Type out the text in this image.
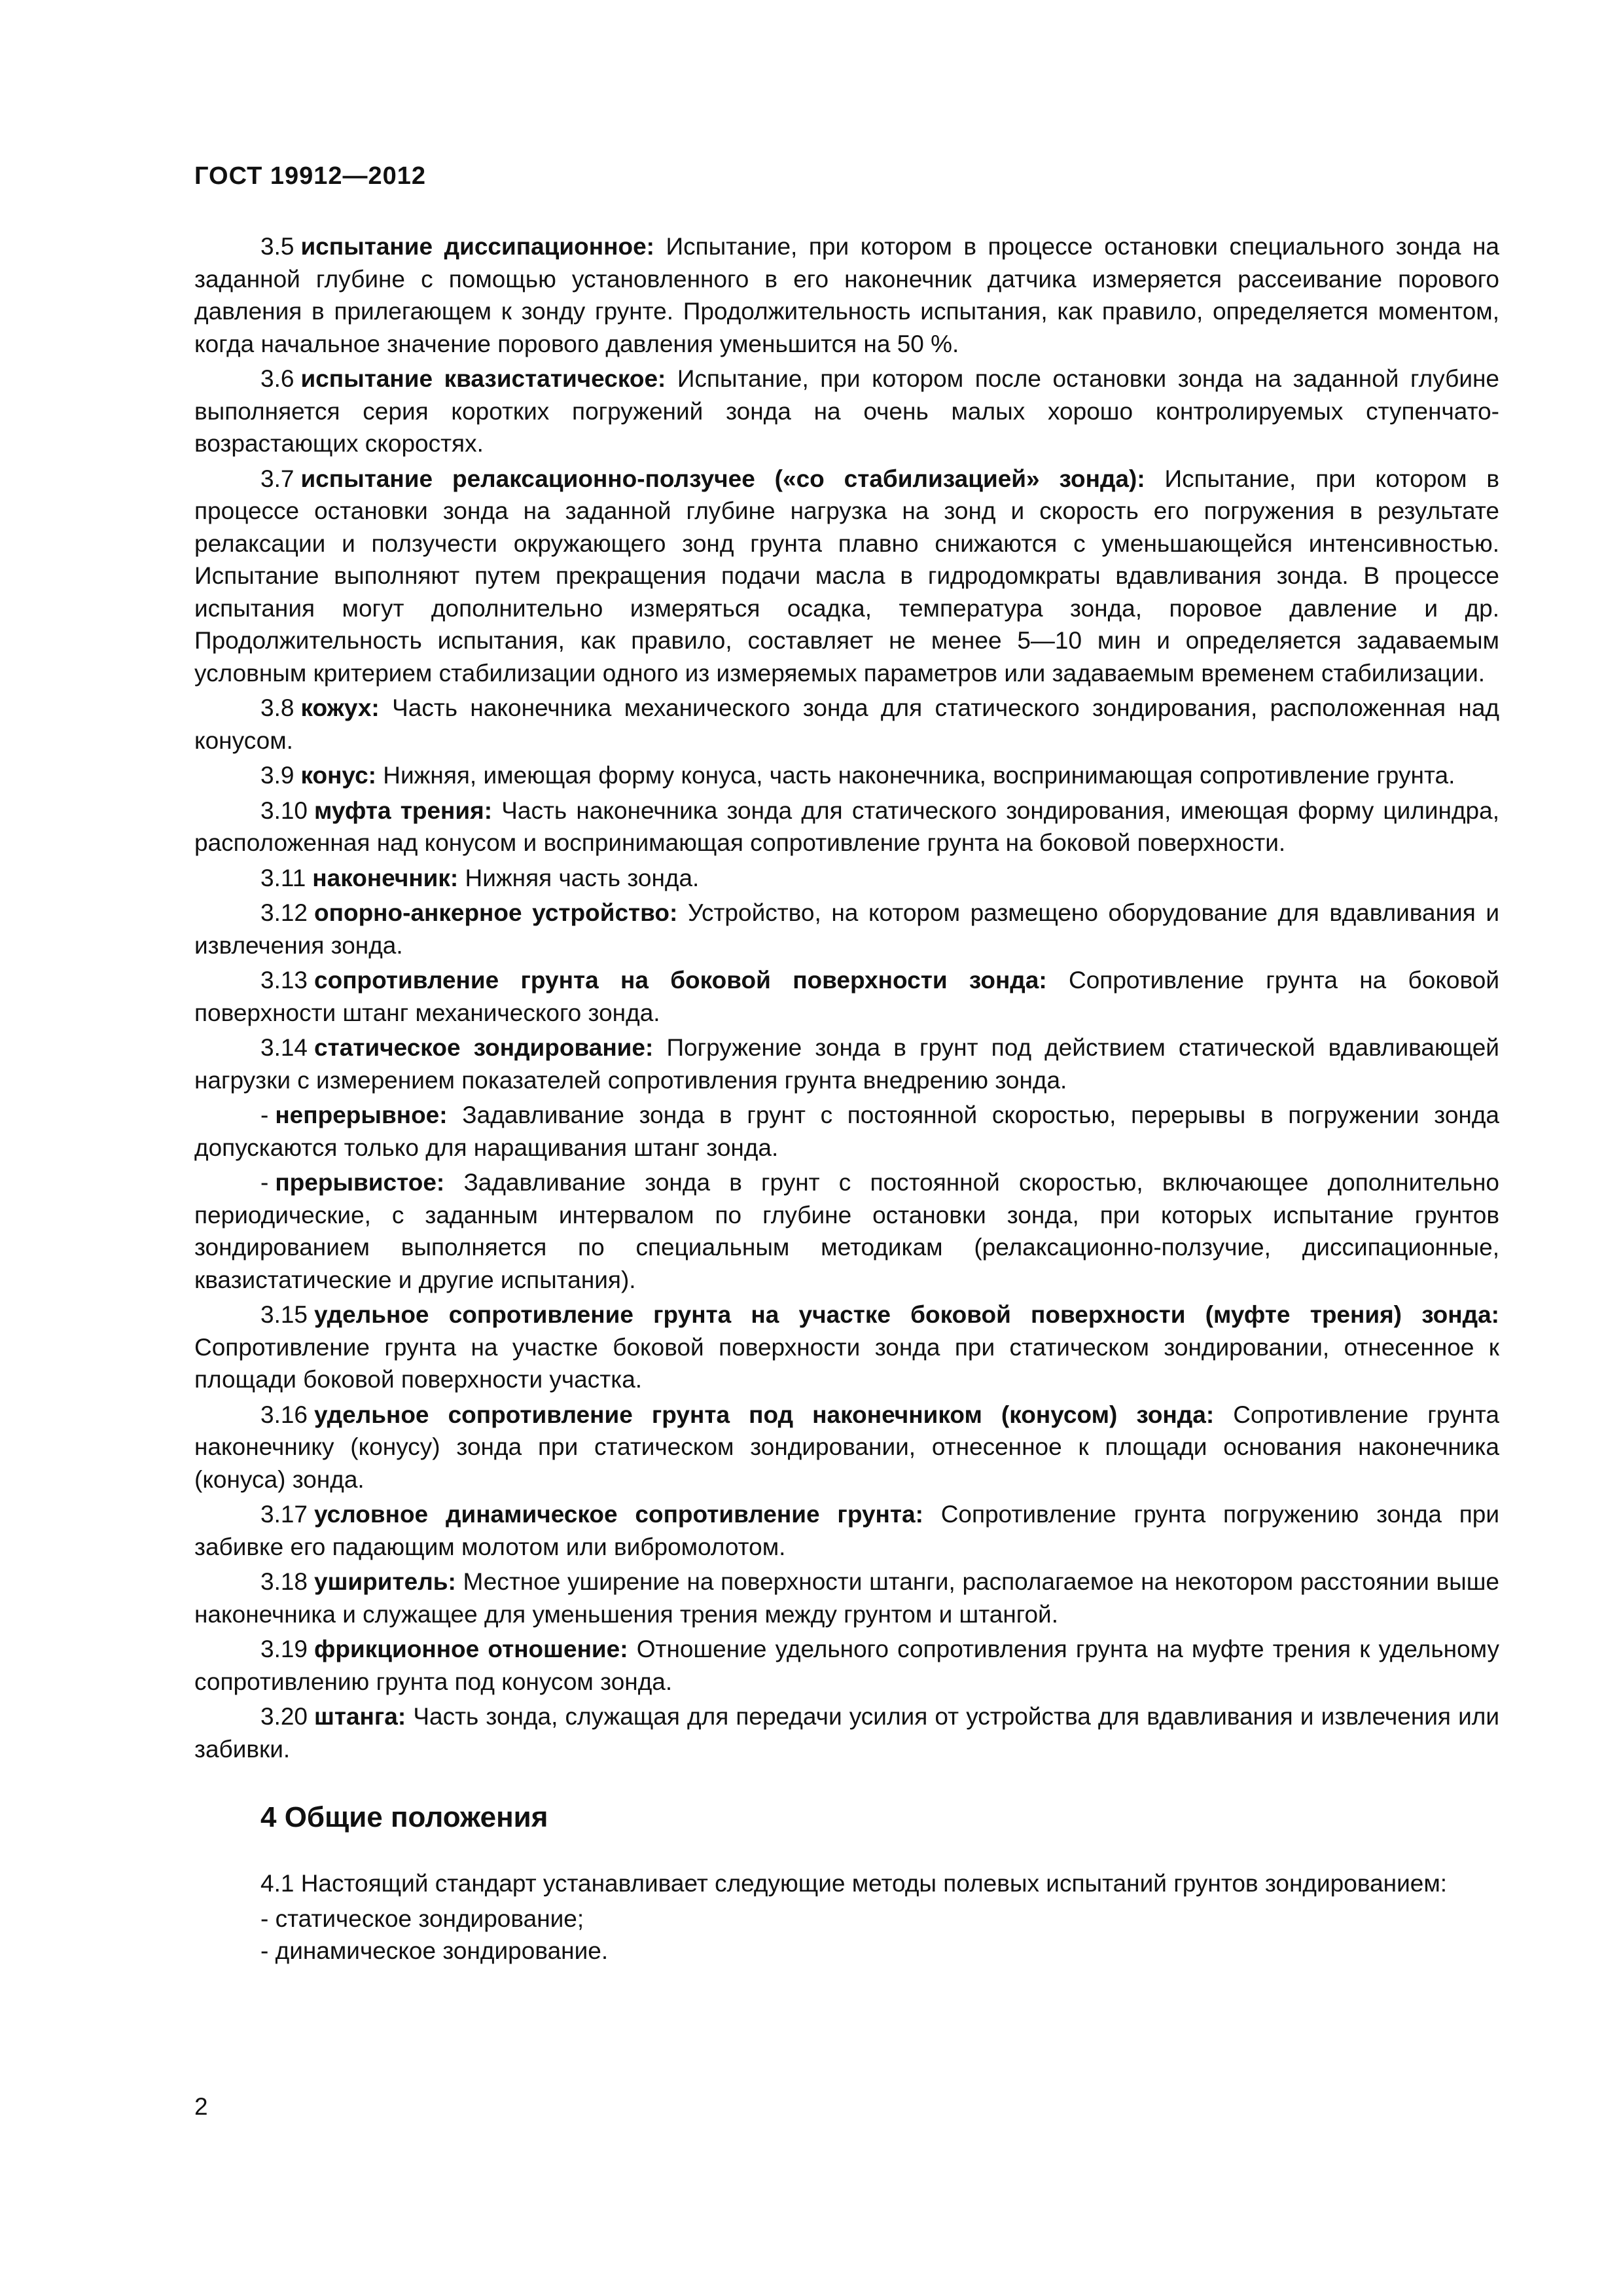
ГОСТ 19912—2012

3.5 испытание диссипационное: Испытание, при котором в процессе остановки специального зонда на заданной глубине с помощью установленного в его наконечник датчика измеряется рассеивание порового давления в прилегающем к зонду грунте. Продолжительность испытания, как правило, определяется моментом, когда начальное значение порового давления уменьшится на 50 %.

3.6 испытание квазистатическое: Испытание, при котором после остановки зонда на заданной глубине выполняется серия коротких погружений зонда на очень малых хорошо контролируемых ступенчато-возрастающих скоростях.

3.7 испытание релаксационно-ползучее («со стабилизацией» зонда): Испытание, при котором в процессе остановки зонда на заданной глубине нагрузка на зонд и скорость его погружения в результате релаксации и ползучести окружающего зонд грунта плавно снижаются с уменьшающейся интенсивностью. Испытание выполняют путем прекращения подачи масла в гидродомкраты вдавливания зонда. В процессе испытания могут дополнительно измеряться осадка, температура зонда, поровое давление и др. Продолжительность испытания, как правило, составляет не менее 5—10 мин и определяется задаваемым условным критерием стабилизации одного из измеряемых параметров или задаваемым временем стабилизации.

3.8 кожух: Часть наконечника механического зонда для статического зондирования, расположенная над конусом.

3.9 конус: Нижняя, имеющая форму конуса, часть наконечника, воспринимающая сопротивление грунта.

3.10 муфта трения: Часть наконечника зонда для статического зондирования, имеющая форму цилиндра, расположенная над конусом и воспринимающая сопротивление грунта на боковой поверхности.

3.11 наконечник: Нижняя часть зонда.

3.12 опорно-анкерное устройство: Устройство, на котором размещено оборудование для вдавливания и извлечения зонда.

3.13 сопротивление грунта на боковой поверхности зонда: Сопротивление грунта на боковой поверхности штанг механического зонда.

3.14 статическое зондирование: Погружение зонда в грунт под действием статической вдавливающей нагрузки с измерением показателей сопротивления грунта внедрению зонда.

- непрерывное: Задавливание зонда в грунт с постоянной скоростью, перерывы в погружении зонда допускаются только для наращивания штанг зонда.

- прерывистое: Задавливание зонда в грунт с постоянной скоростью, включающее дополнительно периодические, с заданным интервалом по глубине остановки зонда, при которых испытание грунтов зондированием выполняется по специальным методикам (релаксационно-ползучие, диссипационные, квазистатические и другие испытания).

3.15 удельное сопротивление грунта на участке боковой поверхности (муфте трения) зонда: Сопротивление грунта на участке боковой поверхности зонда при статическом зондировании, отнесенное к площади боковой поверхности участка.

3.16 удельное сопротивление грунта под наконечником (конусом) зонда: Сопротивление грунта наконечнику (конусу) зонда при статическом зондировании, отнесенное к площади основания наконечника (конуса) зонда.

3.17 условное динамическое сопротивление грунта: Сопротивление грунта погружению зонда при забивке его падающим молотом или вибромолотом.

3.18 уширитель: Местное уширение на поверхности штанги, располагаемое на некотором расстоянии выше наконечника и служащее для уменьшения трения между грунтом и штангой.

3.19 фрикционное отношение: Отношение удельного сопротивления грунта на муфте трения к удельному сопротивлению грунта под конусом зонда.

3.20 штанга: Часть зонда, служащая для передачи усилия от устройства для вдавливания и извлечения или забивки.

4 Общие положения

4.1 Настоящий стандарт устанавливает следующие методы полевых испытаний грунтов зондированием:

- статическое зондирование;

- динамическое зондирование.

2
